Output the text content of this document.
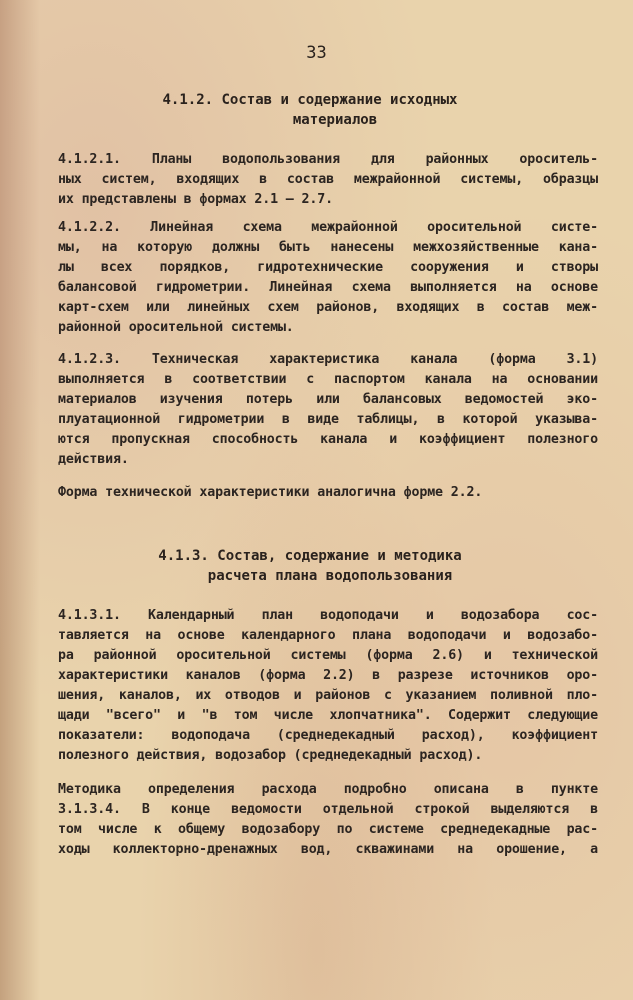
33
4.1.2. Состав и содержание исходных
материалов
4.1.2.1. Планы водопользования для районных ороситель-
ных систем, входящих в состав межрайонной системы, образцы
их представлены в формах 2.1 – 2.7.
4.1.2.2. Линейная схема межрайонной оросительной систе-
мы, на которую должны быть нанесены межхозяйственные кана-
лы всех порядков, гидротехнические сооружения и створы
балансовой гидрометрии. Линейная схема выполняется на основе
карт-схем или линейных схем районов, входящих в состав меж-
районной оросительной системы.
4.1.2.3. Техническая характеристика канала (форма 3.1)
выполняется в соответствии с паспортом канала на основании
материалов изучения потерь или балансовых ведомостей эко-
плуатационной гидрометрии в виде таблицы, в которой указыва-
ются пропускная способность канала и коэффициент полезного
действия.
Форма технической характеристики аналогична форме 2.2.
4.1.3. Состав, содержание и методика
расчета плана водопользования
4.1.3.1. Календарный план водоподачи и водозабора сос-
тавляется на основе календарного плана водоподачи и водозабо-
ра районной оросительной системы (форма 2.6) и технической
характеристики каналов (форма 2.2) в разрезе источников оро-
шения, каналов, их отводов и районов с указанием поливной пло-
щади "всего" и "в том числе хлопчатника". Содержит следующие
показатели: водоподача (среднедекадный расход), коэффициент
полезного действия, водозабор (среднедекадный расход).
Методика определения расхода подробно описана в пункте
3.1.3.4. В конце ведомости отдельной строкой выделяются в
том числе к общему водозабору по системе среднедекадные рас-
ходы коллекторно-дренажных вод, скважинами на орошение, а
